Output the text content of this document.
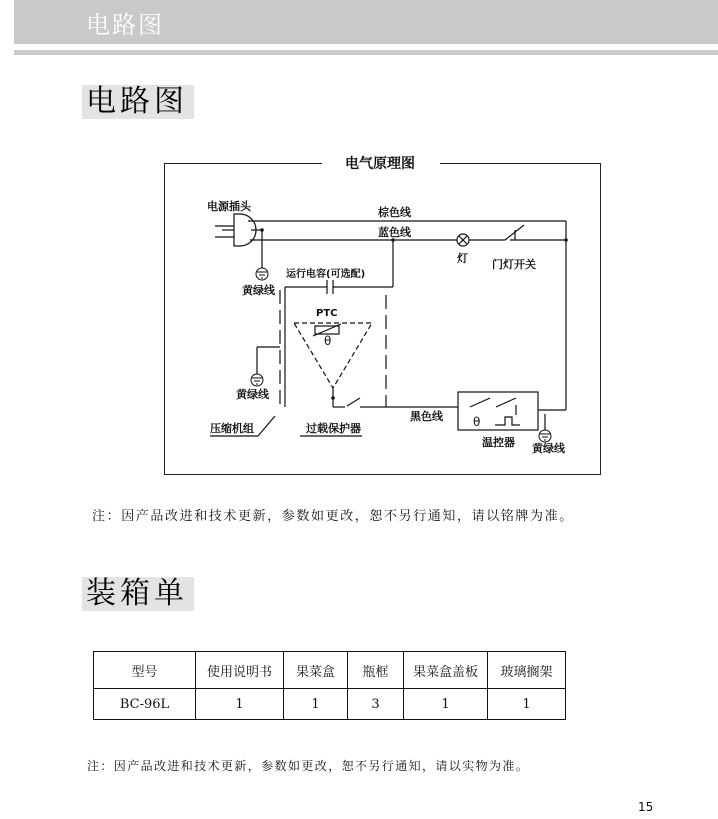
电路图
电路图
电气原理图
电源插头	棕色线
蓝色线
灯 门灯开关
黄绿线
运行电容(可选配)
PTC
θ
黄绿线
压缩机组	过载保护器
黑色线	θ
温控器 黄绿线
注：因产品改进和技术更新，参数如更改，恕不另行通知，请以铭牌为准。
装箱单
型号	使用说明书	果菜盒	瓶框	果菜盒盖板	玻璃搁架
BC-96L	1	1	3	1	1
注：因产品改进和技术更新，参数如更改，恕不另行通知，请以实物为准。
15
